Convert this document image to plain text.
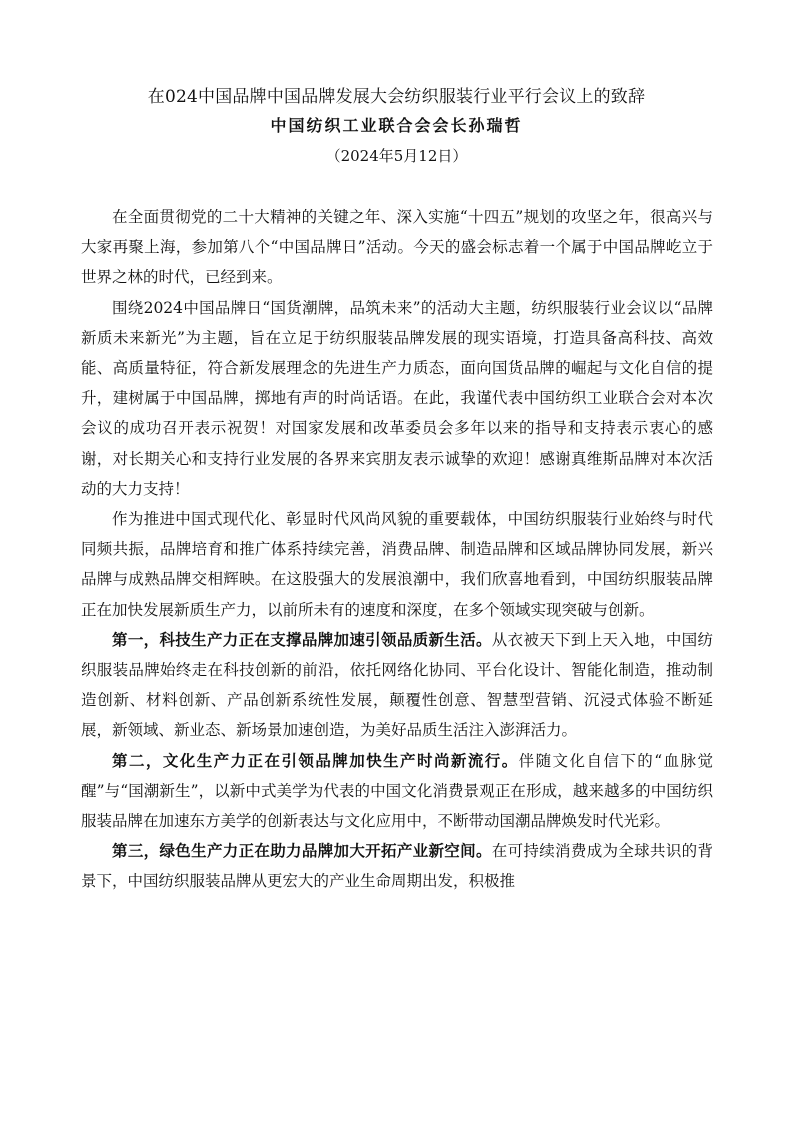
在024中国品牌中国品牌发展大会纺织服装行业平行会议上的致辞
中国纺织工业联合会会长孙瑞哲
（2024年5月12日）

在全面贯彻党的二十大精神的关键之年、深入实施“十四五”规划的攻坚之年，很高兴与大家再聚上海，参加第八个“中国品牌日”活动。今天的盛会标志着一个属于中国品牌屹立于世界之林的时代，已经到来。

围绕2024中国品牌日“国货潮牌，品筑未来”的活动大主题，纺织服装行业会议以“品牌新质未来新光”为主题，旨在立足于纺织服装品牌发展的现实语境，打造具备高科技、高效能、高质量特征，符合新发展理念的先进生产力质态，面向国货品牌的崛起与文化自信的提升，建树属于中国品牌，掷地有声的时尚话语。在此，我谨代表中国纺织工业联合会对本次会议的成功召开表示祝贺！对国家发展和改革委员会多年以来的指导和支持表示衷心的感谢，对长期关心和支持行业发展的各界来宾朋友表示诚挚的欢迎！感谢真维斯品牌对本次活动的大力支持！

作为推进中国式现代化、彰显时代风尚风貌的重要载体，中国纺织服装行业始终与时代同频共振，品牌培育和推广体系持续完善，消费品牌、制造品牌和区域品牌协同发展，新兴品牌与成熟品牌交相辉映。在这股强大的发展浪潮中，我们欣喜地看到，中国纺织服装品牌正在加快发展新质生产力，以前所未有的速度和深度，在多个领域实现突破与创新。

第一，科技生产力正在支撑品牌加速引领品质新生活。从衣被天下到上天入地，中国纺织服装品牌始终走在科技创新的前沿，依托网络化协同、平台化设计、智能化制造，推动制造创新、材料创新、产品创新系统性发展，颠覆性创意、智慧型营销、沉浸式体验不断延展，新领域、新业态、新场景加速创造，为美好品质生活注入澎湃活力。

第二，文化生产力正在引领品牌加快生产时尚新流行。伴随文化自信下的“血脉觉醒”与“国潮新生”，以新中式美学为代表的中国文化消费景观正在形成，越来越多的中国纺织服装品牌在加速东方美学的创新表达与文化应用中，不断带动国潮品牌焕发时代光彩。

第三，绿色生产力正在助力品牌加大开拓产业新空间。在可持续消费成为全球共识的背景下，中国纺织服装品牌从更宏大的产业生命周期出发，积极推
